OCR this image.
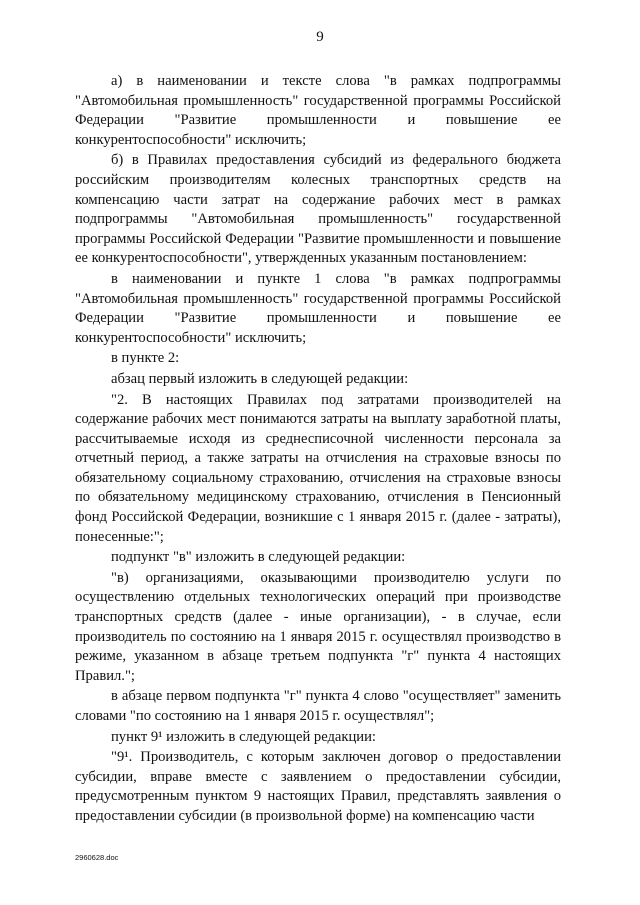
9

а) в наименовании и тексте слова "в рамках подпрограммы "Автомобильная промышленность" государственной программы Российской Федерации "Развитие промышленности и повышение ее конкурентоспособности" исключить;

б) в Правилах предоставления субсидий из федерального бюджета российским производителям колесных транспортных средств на компенсацию части затрат на содержание рабочих мест в рамках подпрограммы "Автомобильная промышленность" государственной программы Российской Федерации "Развитие промышленности и повышение ее конкурентоспособности", утвержденных указанным постановлением:

в наименовании и пункте 1 слова "в рамках подпрограммы "Автомобильная промышленность" государственной программы Российской Федерации "Развитие промышленности и повышение ее конкурентоспособности" исключить;

в пункте 2:

абзац первый изложить в следующей редакции:

"2. В настоящих Правилах под затратами производителей на содержание рабочих мест понимаются затраты на выплату заработной платы, рассчитываемые исходя из среднесписочной численности персонала за отчетный период, а также затраты на отчисления на страховые взносы по обязательному социальному страхованию, отчисления на страховые взносы по обязательному медицинскому страхованию, отчисления в Пенсионный фонд Российской Федерации, возникшие с 1 января 2015 г. (далее - затраты), понесенные:";

подпункт "в" изложить в следующей редакции:

"в) организациями, оказывающими производителю услуги по осуществлению отдельных технологических операций при производстве транспортных средств (далее - иные организации), - в случае, если производитель по состоянию на 1 января 2015 г. осуществлял производство в режиме, указанном в абзаце третьем подпункта "г" пункта 4 настоящих Правил.";

в абзаце первом подпункта "г" пункта 4 слово "осуществляет" заменить словами "по состоянию на 1 января 2015 г. осуществлял";

пункт 9¹ изложить в следующей редакции:

"9¹. Производитель, с которым заключен договор о предоставлении субсидии, вправе вместе с заявлением о предоставлении субсидии, предусмотренным пунктом 9 настоящих Правил, представлять заявления о предоставлении субсидии (в произвольной форме) на компенсацию части

2960628.doc
